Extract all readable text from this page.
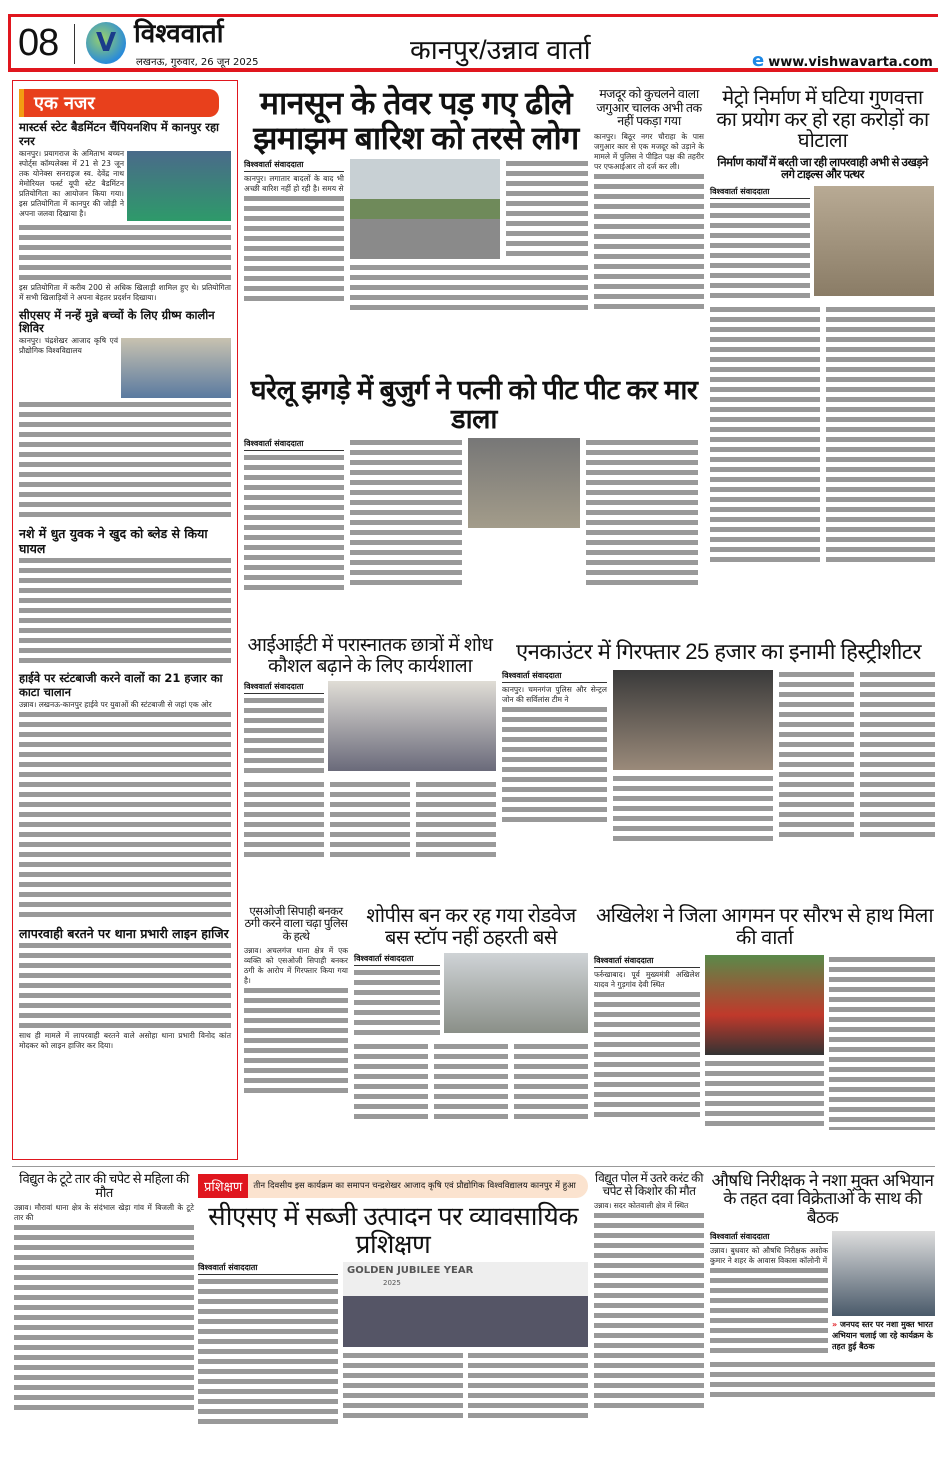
08	V विश्ववार्ता
लखनऊ, गुरुवार, 26 जून 2025	कानपुर/उन्नाव वार्ता	e www.vishwavarta.com
एक नजर
मास्टर्स स्टेट बैडमिंटन चैंपियनशिप में कानपुर रहा रनर
कानपुर। प्रयागराज के अमिताभ बच्चन स्पोर्ट्स कॉम्पलेक्स में 21 से 23 जून तक योनेक्स सनराइज स्व. देवेंद्र नाथ मेमोरियल फर्स्ट यूपी स्टेट बैडमिंटन प्रतियोगिता का आयोजन किया गया। इस प्रतियोगिता में कानपुर की जोड़ी ने अपना जलवा दिखाया है।
इस प्रतियोगिता में करीब 200 से अधिक खिलाड़ी शामिल हुए थे। प्रतियोगिता में सभी खिलाड़ियों ने अपना बेहतर प्रदर्शन दिखाया।
सीएसए में नन्हें मुन्ने बच्चों के लिए ग्रीष्म कालीन शिविर
कानपुर। चंद्रशेखर आजाद कृषि एवं प्रौद्योगिक विश्वविद्यालय
नशे में धुत युवक ने खुद को ब्लेड से किया घायल
हाईवे पर स्टंटबाजी करने वालों का 21 हजार का काटा चालान
उन्नाव। लखनऊ-कानपुर हाईवे पर युवाओं की स्टंटबाजी से जहां एक ओर
लापरवाही बरतने पर थाना प्रभारी लाइन हाजिर
साथ ही मामले में लापरवाही बरतने वाले असोहा थाना प्रभारी विनोद कांत मोदकर को लाइन हाजिर कर दिया।
मानसून के तेवर पड़ गए ढीले झमाझम बारिश को तरसे लोग
विश्ववार्ता संवाददाता
कानपुर। लगातार बादलों के बाद भी अच्छी बारिश नहीं हो रही है। समय से
मजदूर को कुचलने वाला जगुआर चालक अभी तक नहीं पकड़ा गया
कानपुर। बिठूर नगर चौराहा के पास जगुआर कार से एक मजदूर को उड़ाने के मामले में पुलिस ने पीड़ित पक्ष की तहरीर पर एफआईआर तो दर्ज कर ली।
मेट्रो निर्माण में घटिया गुणवत्ता का प्रयोग कर हो रहा करोड़ों का घोटाला
निर्माण कार्यों में बरती जा रही लापरवाही अभी से उखड़ने लगे टाइल्स और पत्थर
विश्ववार्ता संवाददाता
घरेलू झगड़े में बुजुर्ग ने पत्नी को पीट पीट कर मार डाला
विश्ववार्ता संवाददाता
आईआईटी में परास्नातक छात्रों में शोध कौशल बढ़ाने के लिए कार्यशाला
विश्ववार्ता संवाददाता
एनकाउंटर में गिरफ्तार 25 हजार का इनामी हिस्ट्रीशीटर
विश्ववार्ता संवाददाता
कानपुर। चमनगंज पुलिस और सेन्ट्रल जोन की सर्विलांस टीम ने
एसओजी सिपाही बनकर ठगी करने वाला चढ़ा पुलिस के हत्थे
उन्नाव। अचलगंज थाना क्षेत्र में एक व्यक्ति को एसओजी सिपाही बनकर ठगी के आरोप में गिरफ्तार किया गया है।
शोपीस बन कर रह गया रोडवेज बस स्टॉप नहीं ठहरती बसे
विश्ववार्ता संवाददाता
अखिलेश ने जिला आगमन पर सौरभ से हाथ मिला की वार्ता
विश्ववार्ता संवाददाता
फर्रुखाबाद। पूर्व मुख्यमंत्री अखिलेश यादव ने गुड़गांव देवी स्थित
विद्युत के टूटे तार की चपेट से महिला की मौत
उन्नाव। मौरावां थाना क्षेत्र के संदंभाल खेड़ा गांव में बिजली के टूटे तार की
प्रशिक्षण	तीन दिवसीय इस कार्यक्रम का समापन चन्द्रशेखर आजाद कृषि एवं प्रौद्योगिक विश्वविद्यालय कानपुर में हुआ
सीएसए में सब्जी उत्पादन पर व्यावसायिक प्रशिक्षण
विश्ववार्ता संवाददाता	GOLDEN JUBILEE YEAR
2025
विद्युत पोल में उतरे करंट की चपेट से किशोर की मौत
उन्नाव। सदर कोतवाली क्षेत्र में स्थित
औषधि निरीक्षक ने नशा मुक्त अभियान के तहत दवा विक्रेताओं के साथ की बैठक
विश्ववार्ता संवाददाता
उन्नाव। बुधवार को औषधि निरीक्षक अशोक कुमार ने शहर के आवास विकास कॉलोनी में
» जनपद स्तर पर नशा मुक्त भारत अभियान चलाई जा रहे कार्यक्रम के तहत हुई बैठक
